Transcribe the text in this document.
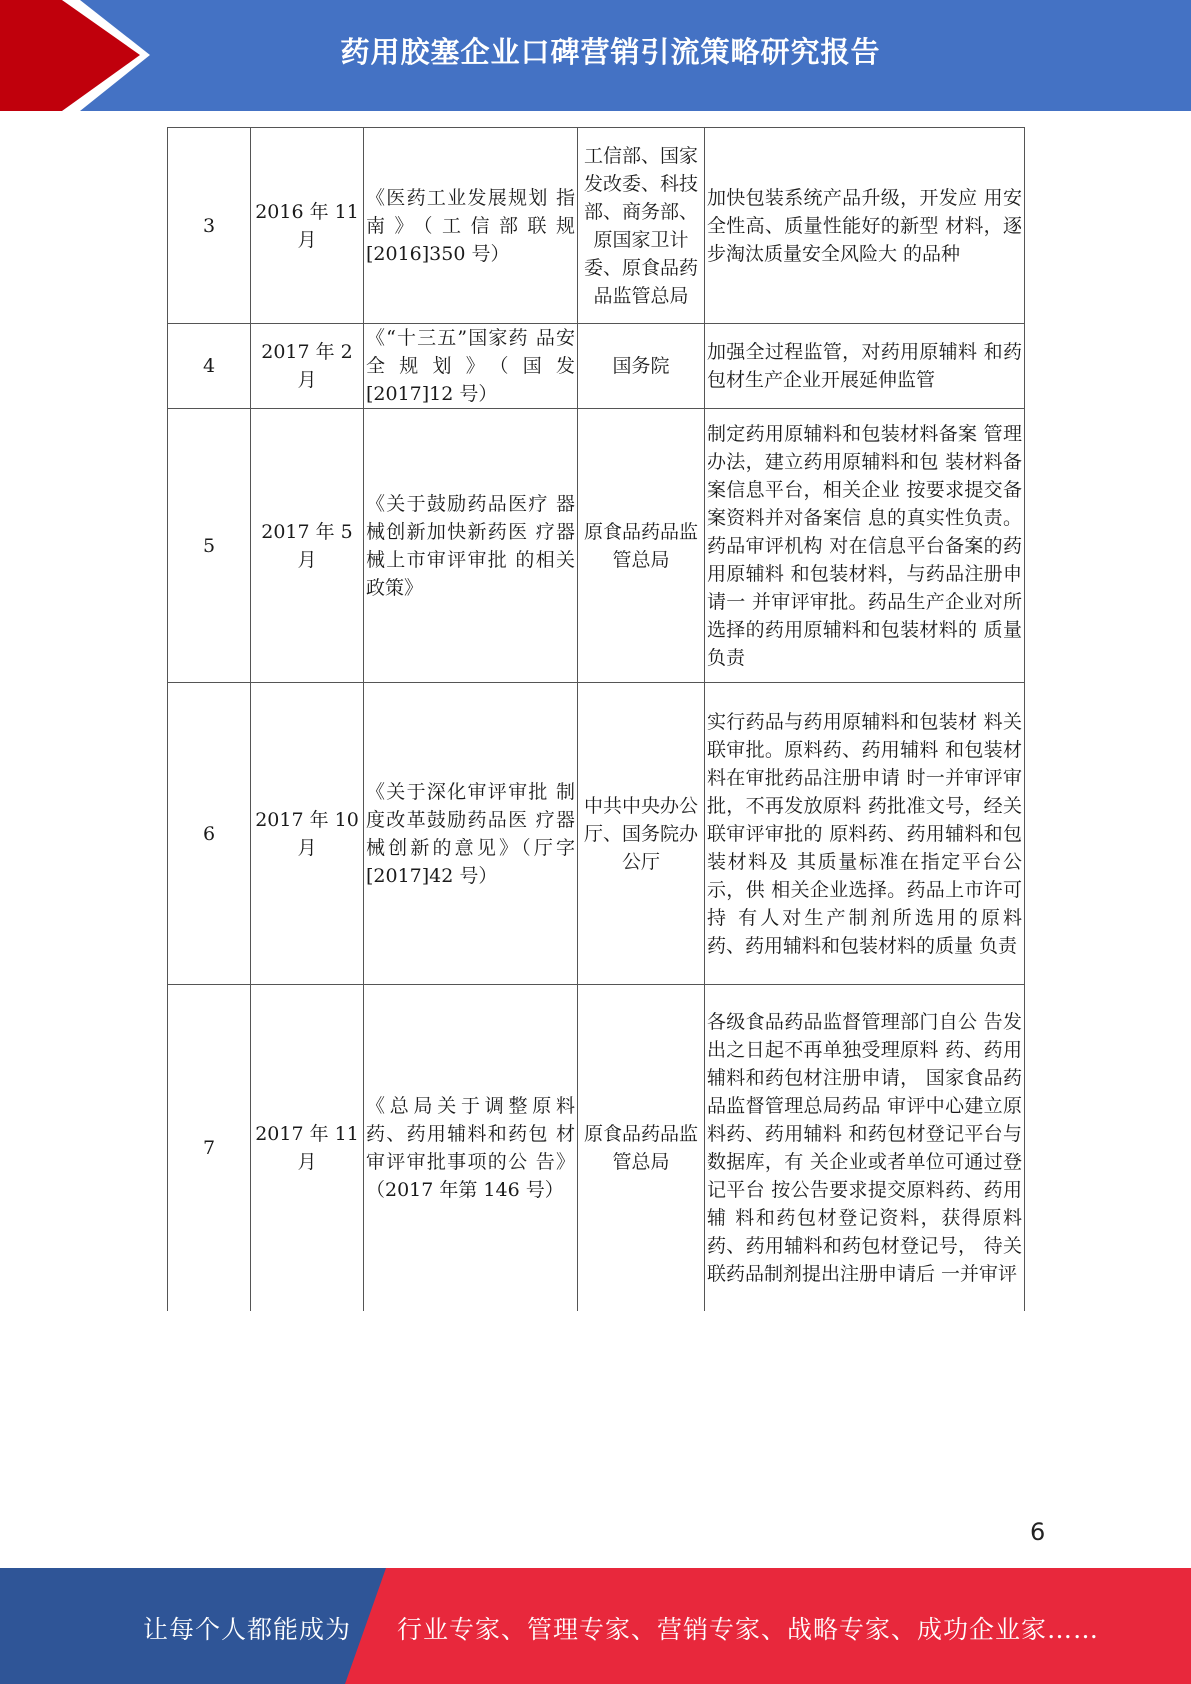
药用胶塞企业口碑营销引流策略研究报告
3	2016 年 11 月	《医药工业发展规划 指南》（工信部联规[2016]350 号）	工信部、国家发改委、科技部、商务部、原国家卫计委、原食品药品监管总局	加快包装系统产品升级，开发应 用安全性高、质量性能好的新型 材料，逐步淘汰质量安全风险大 的品种
4	2017 年 2 月	《“十三五”国家药 品安全规划》（国发[2017]12 号）	国务院	加强全过程监管，对药用原辅料 和药包材生产企业开展延伸监管
5	2017 年 5 月	《关于鼓励药品医疗 器械创新加快新药医 疗器械上市审评审批 的相关政策》	原食品药品监管总局	制定药用原辅料和包装材料备案 管理办法，建立药用原辅料和包 装材料备案信息平台，相关企业 按要求提交备案资料并对备案信 息的真实性负责。药品审评机构 对在信息平台备案的药用原辅料 和包装材料，与药品注册申请一 并审评审批。药品生产企业对所 选择的药用原辅料和包装材料的 质量负责
6	2017 年 10 月	《关于深化审评审批 制度改革鼓励药品医 疗器械创新的意见》（厅字[2017]42 号）	中共中央办公厅、国务院办公厅	实行药品与药用原辅料和包装材 料关联审批。原料药、药用辅料 和包装材料在审批药品注册申请 时一并审评审批，不再发放原料 药批准文号，经关联审评审批的 原料药、药用辅料和包装材料及 其质量标准在指定平台公示，供 相关企业选择。药品上市许可持 有人对生产制剂所选用的原料 药、药用辅料和包装材料的质量 负责
7	2017 年 11 月	《总局关于调整原料 药、药用辅料和药包 材审评审批事项的公 告》（2017 年第 146 号）	原食品药品监管总局	各级食品药品监督管理部门自公 告发出之日起不再单独受理原料 药、药用辅料和药包材注册申请， 国家食品药品监督管理总局药品 审评中心建立原料药、药用辅料 和药包材登记平台与数据库，有 关企业或者单位可通过登记平台 按公告要求提交原料药、药用辅 料和药包材登记资料，获得原料 药、药用辅料和药包材登记号， 待关联药品制剂提出注册申请后 一并审评
6
让每个人都能成为 行业专家、管理专家、营销专家、战略专家、成功企业家……
